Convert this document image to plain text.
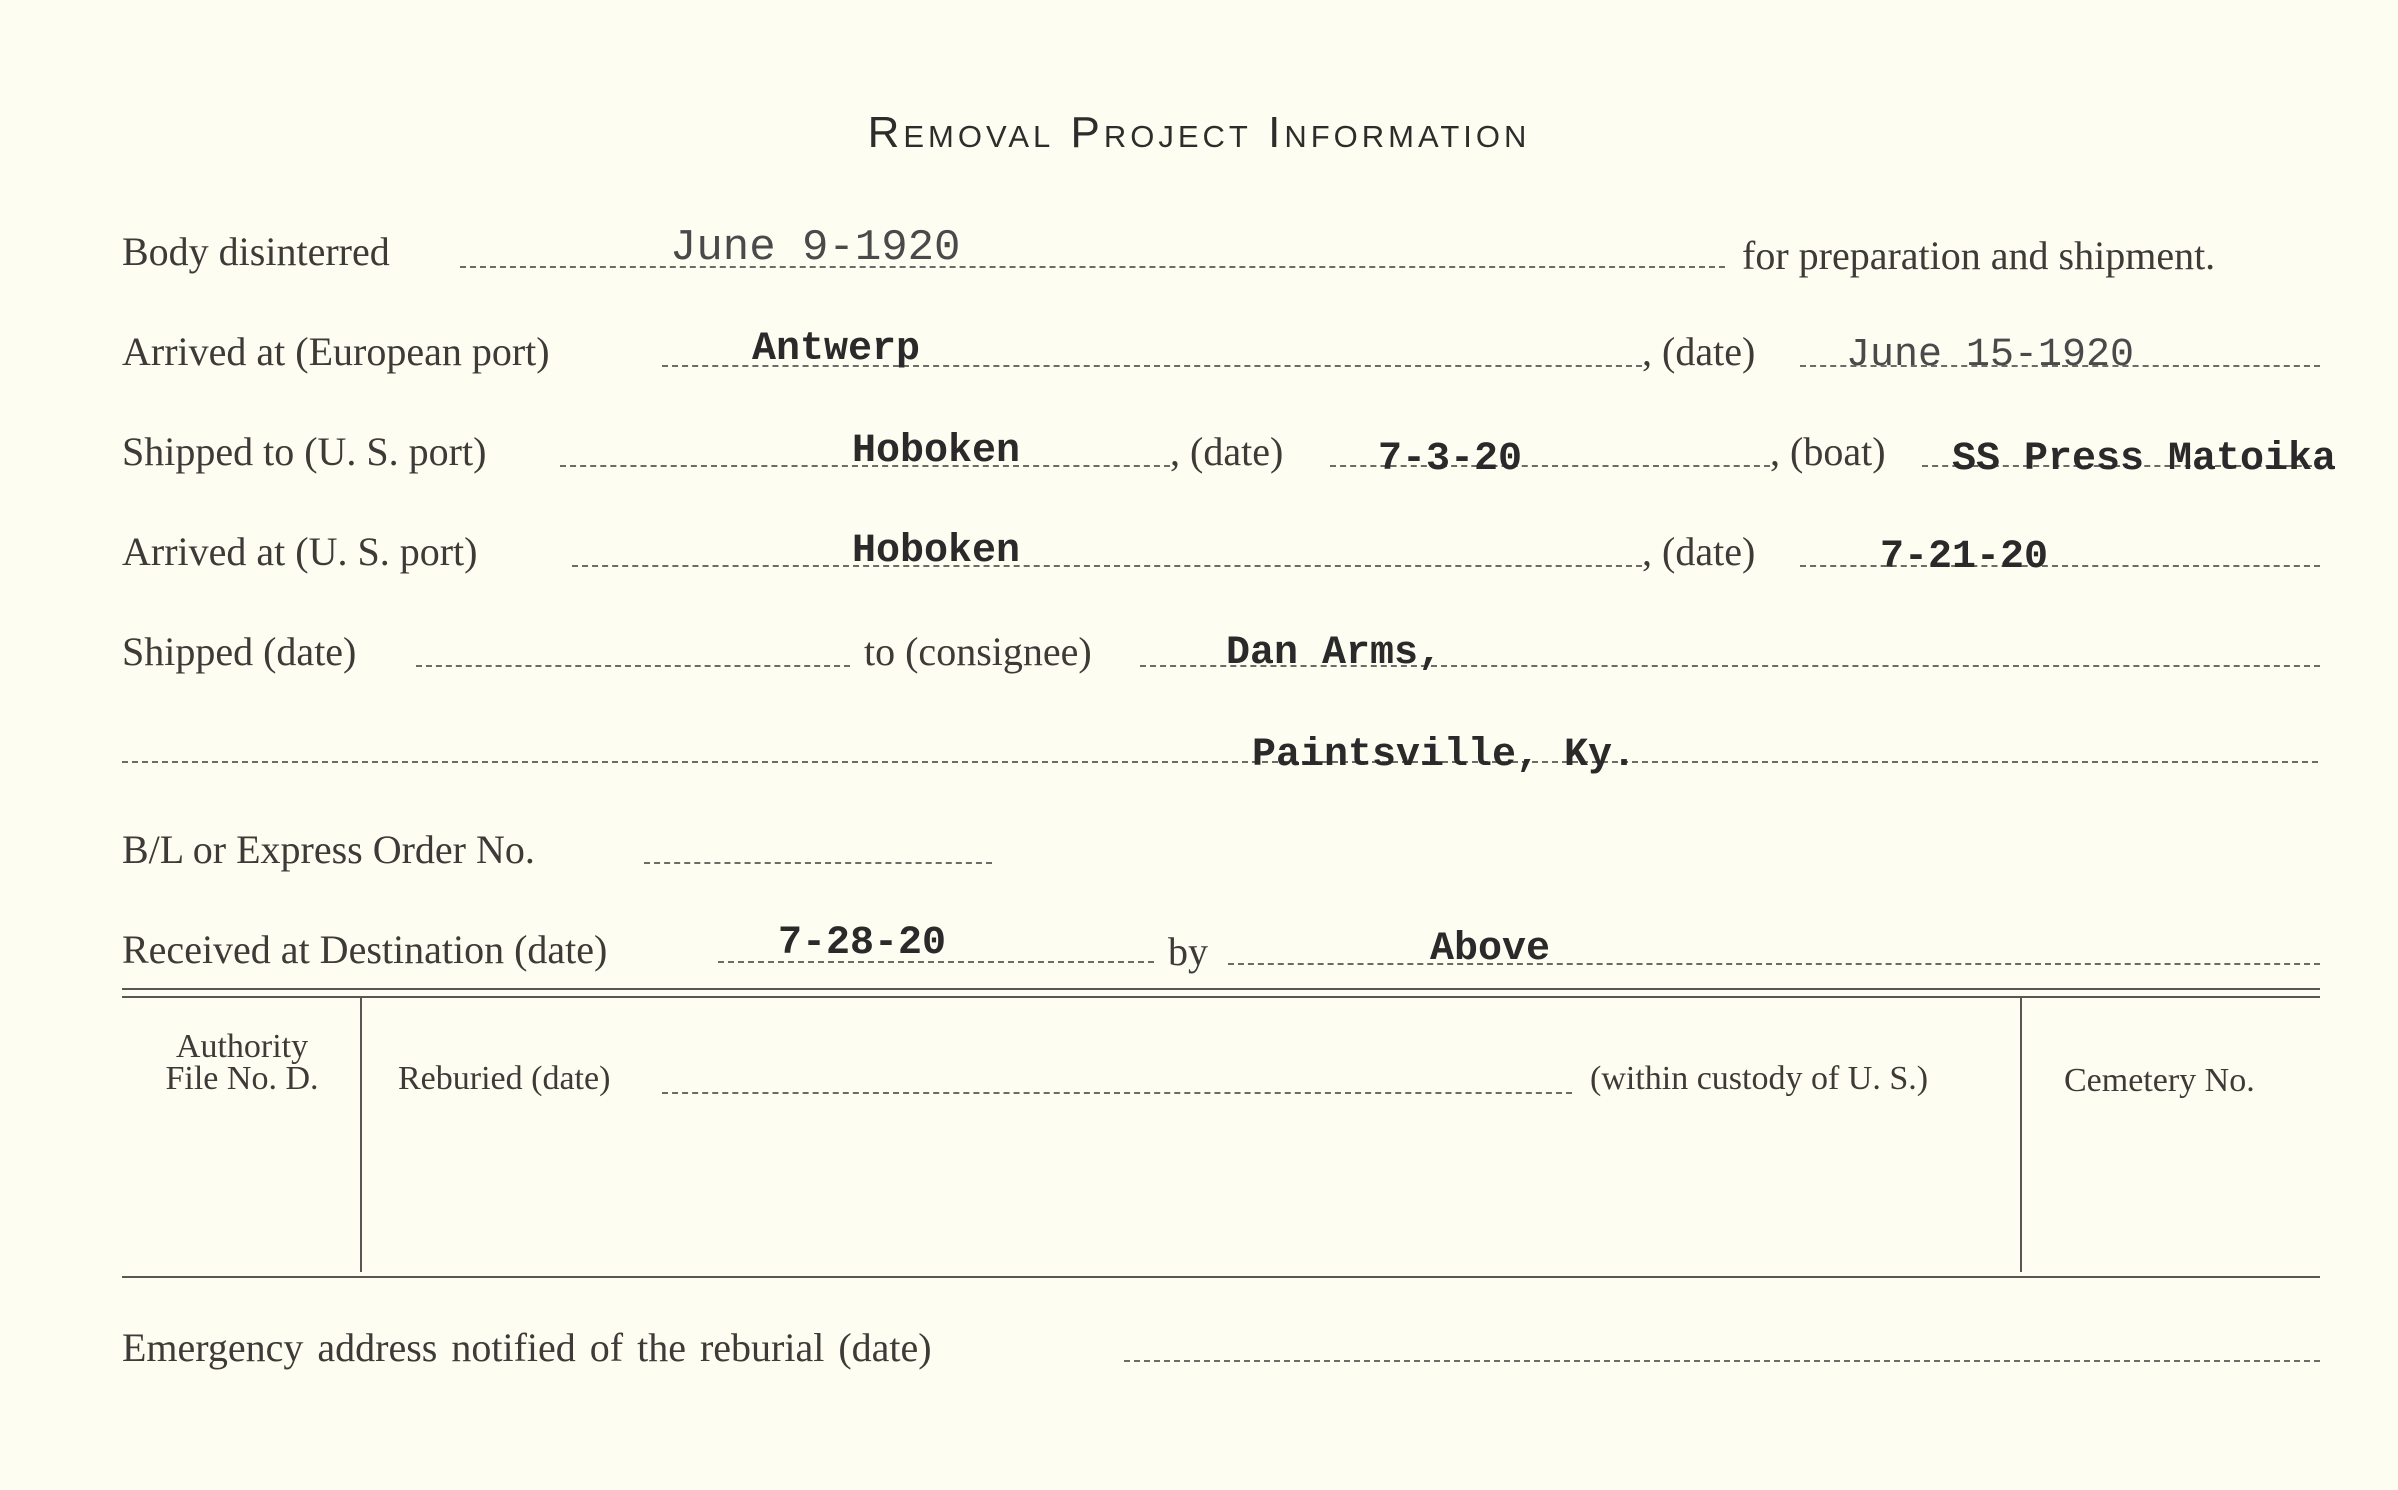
Removal Project Information
Body disinterred	June 9-1920	for preparation and shipment.
Arrived at (European port)	Antwerp	, (date) June 15-1920
Shipped to (U. S. port)	Hoboken	, (date) 7-3-20	, (boat) SS Press Matoika
Arrived at (U. S. port)	Hoboken	, (date)	7-21-20
Shipped (date)	to (consignee)	Dan Arms,
Paintsville, Ky.
B/L or Express Order No.
Received at Destination (date)	7-28-20	by	Above
Authority
File No. D.	Reburied (date)	(within custody of U. S.)	Cemetery No.
Emergency address notified of the reburial (date)
